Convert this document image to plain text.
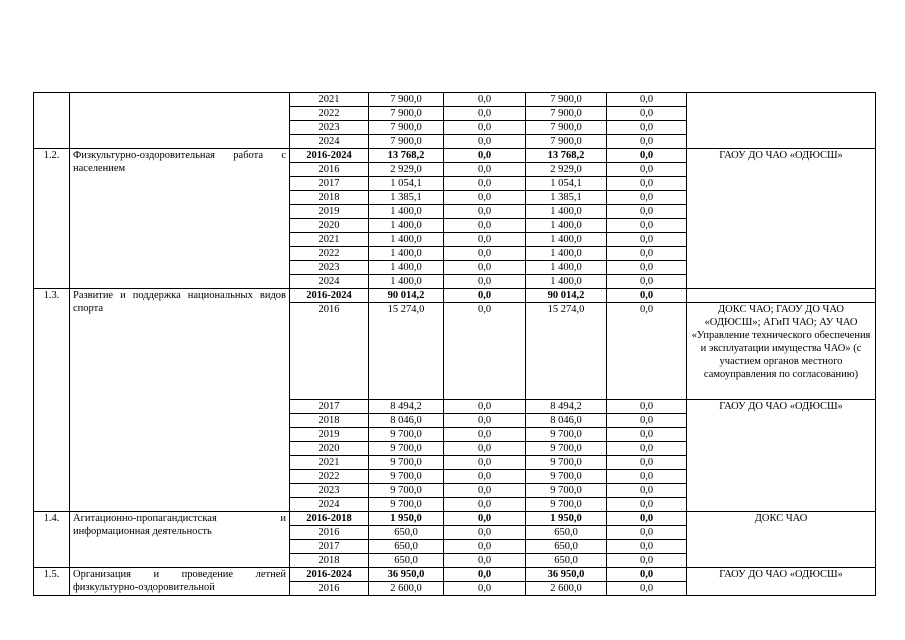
		2021	7 900,0	0,0	7 900,0	0,0	
		2022	7 900,0	0,0	7 900,0	0,0	
		2023	7 900,0	0,0	7 900,0	0,0	
		2024	7 900,0	0,0	7 900,0	0,0	
1.2.	Физкультурно-оздоровительная работа с населением	2016-2024	13 768,2	0,0	13 768,2	0,0	ГАОУ ДО ЧАО «ОДЮСШ»
		2016	2 929,0	0,0	2 929,0	0,0	
		2017	1 054,1	0,0	1 054,1	0,0	
		2018	1 385,1	0,0	1 385,1	0,0	
		2019	1 400,0	0,0	1 400,0	0,0	
		2020	1 400,0	0,0	1 400,0	0,0	
		2021	1 400,0	0,0	1 400,0	0,0	
		2022	1 400,0	0,0	1 400,0	0,0	
		2023	1 400,0	0,0	1 400,0	0,0	
		2024	1 400,0	0,0	1 400,0	0,0	
1.3.	Развитие и поддержка национальных видов спорта	2016-2024	90 014,2	0,0	90 014,2	0,0	
		2016	15 274,0	0,0	15 274,0	0,0	ДОКС ЧАО; ГАОУ ДО ЧАО «ОДЮСШ»; АГиП ЧАО; АУ ЧАО «Управление технического обеспечения и эксплуатации имущества ЧАО» (с участием органов местного самоуправления по согласованию)
		2017	8 494,2	0,0	8 494,2	0,0	ГАОУ ДО ЧАО «ОДЮСШ»
		2018	8 046,0	0,0	8 046,0	0,0	
		2019	9 700,0	0,0	9 700,0	0,0	
		2020	9 700,0	0,0	9 700,0	0,0	
		2021	9 700,0	0,0	9 700,0	0,0	
		2022	9 700,0	0,0	9 700,0	0,0	
		2023	9 700,0	0,0	9 700,0	0,0	
		2024	9 700,0	0,0	9 700,0	0,0	
1.4.	Агитационно-пропагандистская и информационная деятельность	2016-2018	1 950,0	0,0	1 950,0	0,0	ДОКС ЧАО
		2016	650,0	0,0	650,0	0,0	
		2017	650,0	0,0	650,0	0,0	
		2018	650,0	0,0	650,0	0,0	
1.5.	Организация и проведение летней физкультурно-оздоровительной	2016-2024	36 950,0	0,0	36 950,0	0,0	ГАОУ ДО ЧАО «ОДЮСШ»
		2016	2 600,0	0,0	2 600,0	0,0	
